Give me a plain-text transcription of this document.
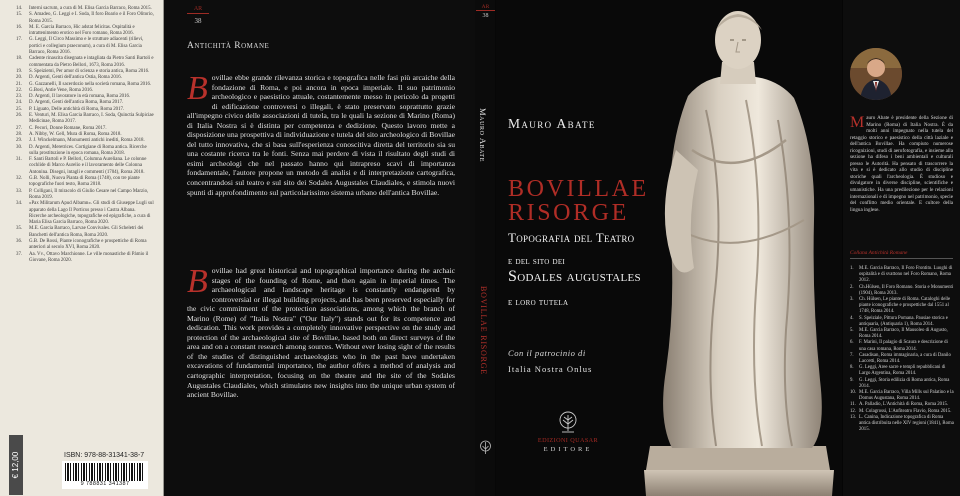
14.	Interni sacrum, a cura di M. Elisa Garcia Barraco, Roma 2015.
15.	S. Amadeo, G. Leggi e I. Soda, Il foro Boario e il Foro Olitorio, Roma 2015.
16.	M. E. Garcia Barraco, Hic adstat felicitas. Ospitalità e intrattenimento erotico nel Foro romano, Roma 2016.
17.	G. Leggi, Il Circo Massimo e le strutture adiacenti (rilievi, portici e collegium praeconum), a cura di M. Elisa Garcia Barraco, Roma 2016.
18.	Cadente rinascita disegnata e intagliata da Pietro Santi Bartoli e commentata da Pietro Bellori, 1673, Roma 2016.
19.	S. Speiziemi, Per amor di scienza e storia antica, Roma 2016.
20.	D. Argenti, Genti dell'antica Ostia, Roma 2016.
21.	G. Gazzanelli, Il sacerdozio nella società romana, Roma 2016.
22.	G.Bosi, Antie Vene, Roma 2016.
23.	D. Argenti, Il lavoratore in età romana, Roma 2016.
24.	D. Argenti, Genti dell'antica Roma, Roma 2017.
25.	P. Liguato, Delle antichità di Roma, Roma 2017.
26.	E. Venturi, M. Elisa Garcia Barraco, I. Soda, Quinctia Sulpiciae Medicinae, Roma 2017.
27.	C. Pecori, Donne Romane, Roma 2017.
28.	A. Nibby, W. Gell, Mura di Roma, Roma 2018.
29.	J. J. Winckelmann, Monumenti antichi inediti, Roma 2018.
30.	D. Argenti, Meretrices. Cortigiane di Roma antica. Ricerche sulla prostituzione in epoca romana, Roma 2018.
31.	F. Santi Bartoli e P. Bellori, Columna Aureliana. Le colonne cochlide di Marco Aurelio e il lavoramento delle Colonna Antonina. Disegni, intagli e commenti (1704), Roma 2018.
32.	G.B. Nolli, Nuova Pianta di Roma (1748), con tre piante topografiche fuori testo, Roma 2018.
33.	P. Colligani, Il miracolo di Giulio Cesare nel Campo Marzio, Roma 2019.
34.	«Pax Militarum Apud Albamn». Gli studi di Giuseppe Lugli sul apparato della Lago Il Porticus presso i Castra Albana. Ricerche archeologiche, topografiche ed epigrafiche, a cura di Maria Elisa Garcia Barraco, Roma 2020.
35.	M.E. Garcia Barraco, Larvae Convivales. Gli Scheletri dei Banchetti dell'antica Roma, Roma 2020.
36.	G.B. De Rossi, Piante iconografiche e prospettiche di Roma anteriori al secolo XVI, Roma 2020.
37.	Aa. Vv., Ottavo Marchionne. Le ville monastiche di Pàmio il Giovane, Roma 2020.
ISBN: 978-88-31341-38-7
9 788831 341387
€ 12,00
AR
38
Antichità Romane
B ovillae ebbe grande rilevanza storica e topografica nelle fasi più arcaiche della fondazione di Roma, e poi ancora in epoca imperiale. Il suo patrimonio archeologico e paesistico attuale, costantemente messo in pericolo da progetti di edificazione controversi o illegali, è stato preservato soprattutto grazie all'impegno civico delle associazioni di tutela, tra le quali la sezione di Marino (Roma) di Italia Nostra si è distinta per competenza e dedizione. Questo lavoro mette a disposizione una prospettiva di individuazione e tutela del sito archeologico di Bovillae del tutto innovativa, che si basa sull'esperienza conoscitiva diretta del territorio sia su una costante ricerca tra le fonti. Senza mai perdere di vista il risultato degli studi di esimi archeologi che nel passato hanno qui intrapreso scavi di importanza fondamentale, l'autore propone un metodo di analisi e di interpretazione cartografica, concentrandosi sul teatro e sul sito dei Sodales Augustales Claudiales, e stimola nuovi spunti di approfondimento sul particolarissimo sistema urbano dell'antica Bovillae.
B ovillae had great historical and topographical importance during the archaic stages of the founding of Rome, and then again in imperial times. The archaeological and landscape heritage is constantly endangered by controversial or illegal building projects, and has been preserved especially for the civic commitment of the protection associations, among which the branch of Marino (Rome) of "Italia Nostra" ("Our Italy") stands out for its competence and dedication. This work provides a completely innovative perspective on the study and protection of the archaeological site of Bovillae, based both on direct surveys of the area and on a constant research among sources. Without ever losing sight of the results of the studies of distinguished archaeologists who in the past have undertaken excavations of fundamental importance, the author offers a method of analysis and cartographic interpretation, focusing on the theatre and the site of the Sodales Augustales Claudiales, which stimulates new insights into the unique urban system of ancient Bovillae.
AR
38
Mauro Abate
BOVILLAE RISORGE
Mauro Abate
BOVILLAE
RISORGE
Topografia del Teatro
e del sito dei
Sodales augustales
e loro tutela
Con il patrocinio di
Italia Nostra Onlus
EDIZIONI QUASAR
EDITORE
M auro Abate è presidente della Sezione di Marino (Roma) di Italia Nostra. È da molti anni impegnato nella tutela del retaggio storico e paesistico della città laziale e dell'antica Bovillae. Ha compiuto numerose ricognizioni, studi di aerofotografia, e insieme alla sezione ha difeso i beni ambientali e culturali presso le Autorità. Ha pensato di trascorrere la vita e si è dedicato allo studio di discipline storiche quali l'archeologia. È studioso e divulgatore in diverse discipline, scientifiche e umanistiche. Ha una predilezione per le relazioni internazionali e di impegno nel patrimonio, specie del conflitto medio orientale. E cultore della lingua inglese.
Collana Antichità Romane
1.	M.E. Garcia Barraco, Il Foro Frontito. Luoghi di ospitalità e di svattono nel Foro Romano, Roma 2012.
2.	Ch.Hülsen, Il Foro Romano. Storia e Monumenti (1904), Roma 2013.
3.	Ch. Hülsen, Le piante di Roma. Cataloghi delle piante iconografiche e prospettiche dal 1551 al 1748, Roma 2014.
4.	S. Speiziale, Pittura Pomana. Pausiae storica e antiquaria, (Antiquaria 1), Roma 2014.
5.	M.E. Garcia Barraco, Il Mausoleo di Augusto, Roma 2014.
6.	F. Marini, Il palagio di Scaura e descrizione di una casa romana, Roma 2014.
7.	Casadisan, Roma immaginaria, a cura di Danilo Laccetti, Roma 2014.
8.	G. Leggi, Aree sacre e templi repubblicani di Largo Argentina, Roma 2014.
9.	G. Leggi, Storia edilizia di Roma antica, Roma 2014.
10. M.E. Garcia Barraco, Villa Mills sul Palatino e la Domus Augustana, Roma 2014.
11. A. Palladio, L'Antichità di Roma, Roma 2015.
12. M. Colagrossi, L'Anfiteatro Flavio, Roma 2015.
13. L. Canina, Indicazione topografica di Roma antica distribuita nelle XIV regioni (1841), Roma 2015.
